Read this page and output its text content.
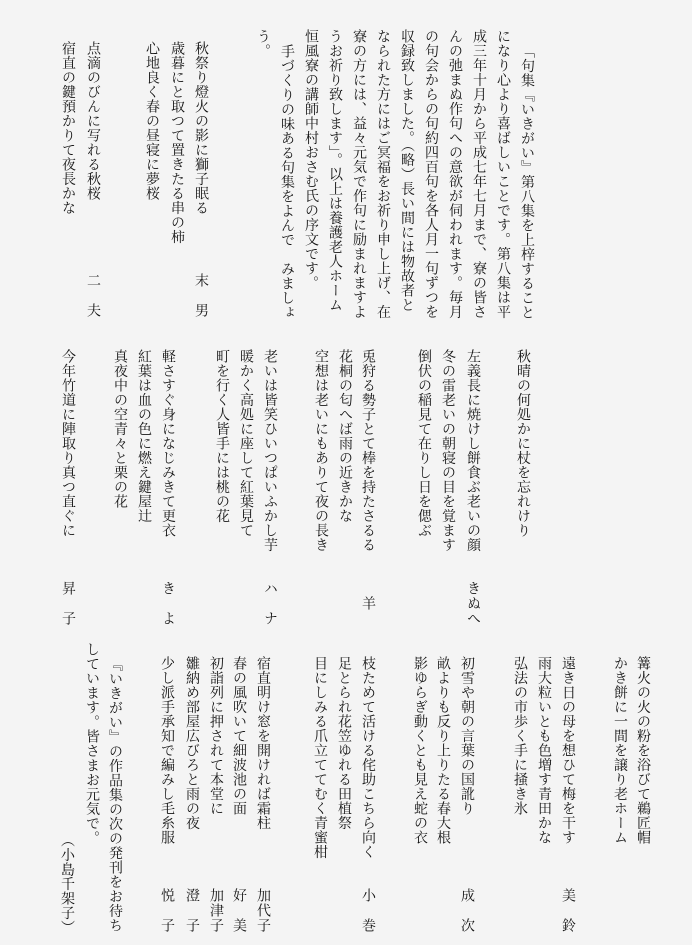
「句集『いきがい』第八集を上梓すること
になり心より喜ばしいことです。第八集は平
成三年十月から平成七年七月まで、寮の皆さ
んの弛まぬ作句への意欲が伺われます。毎月
の句会からの句約四百句を各人月一句ずつを
収録致しました。（略）長い間には物故者と
なられた方にはご冥福をお祈り申し上げ、在
寮の方には、益々元気で作句に励まれますよ
うお祈り致します」。以上は養護老人ホーム
恒風寮の講師中村おさむ氏の序文です。
手づくりの味ある句集をよんで　みましょ
う。
秋祭り燈火の影に獅子眠る
歳暮にと取つて置きたる串の柿
心地良く春の昼寝に夢桜
末男
点滴のびんに写れる秋桜
宿直の鍵預かりて夜長かな
秋晴の何処かに杖を忘れけり
二夫
左義長に焼けし餅食ぶ老いの顔
冬の雷老いの朝寝の目を覚ます
倒伏の稲見て在りし日を偲ぶ
きぬへ
兎狩る勢子とて棒を持たさるる
花桐の匂へば雨の近きかな
空想は老いにもありて夜の長き
羊
老いは皆笑ひいつぱいふかし芋
暖かく高処に座して紅葉見て
町を行く人皆手には桃の花
ハナ
軽さすぐ身になじみきて更衣
紅葉は血の色に燃え鍵屋辻
真夜中の空青々と栗の花
きよ
今年竹道に陣取り真つ直ぐに
篝火の火の粉を浴びて鵜匠帽
かき餅に一間を譲り老ホーム
昇子
遠き日の母を想ひて梅を干す
雨大粒いとも色増す青田かな
弘法の市歩く手に掻き氷
美鈴
初雪や朝の言葉の国訛り
畝よりも反り上りたる春大根
影ゆらぎ動くとも見え蛇の衣
成次
枝ためて活ける侘助こちら向く
足とられ花笠ゆれる田植祭
目にしみる爪立ててむく青蜜柑
小巻
宿直明け窓を開ければ霜柱
加代子
春の風吹いて細波池の面
好美
初詣列に押されて本堂に
加津子
雛納め部屋広びろと雨の夜
澄子
少し派手承知で編みし毛糸服
悦子
『いきがい』の作品集の次の発刊をお待ち
しています。皆さまお元気で。
（小島千架子）
